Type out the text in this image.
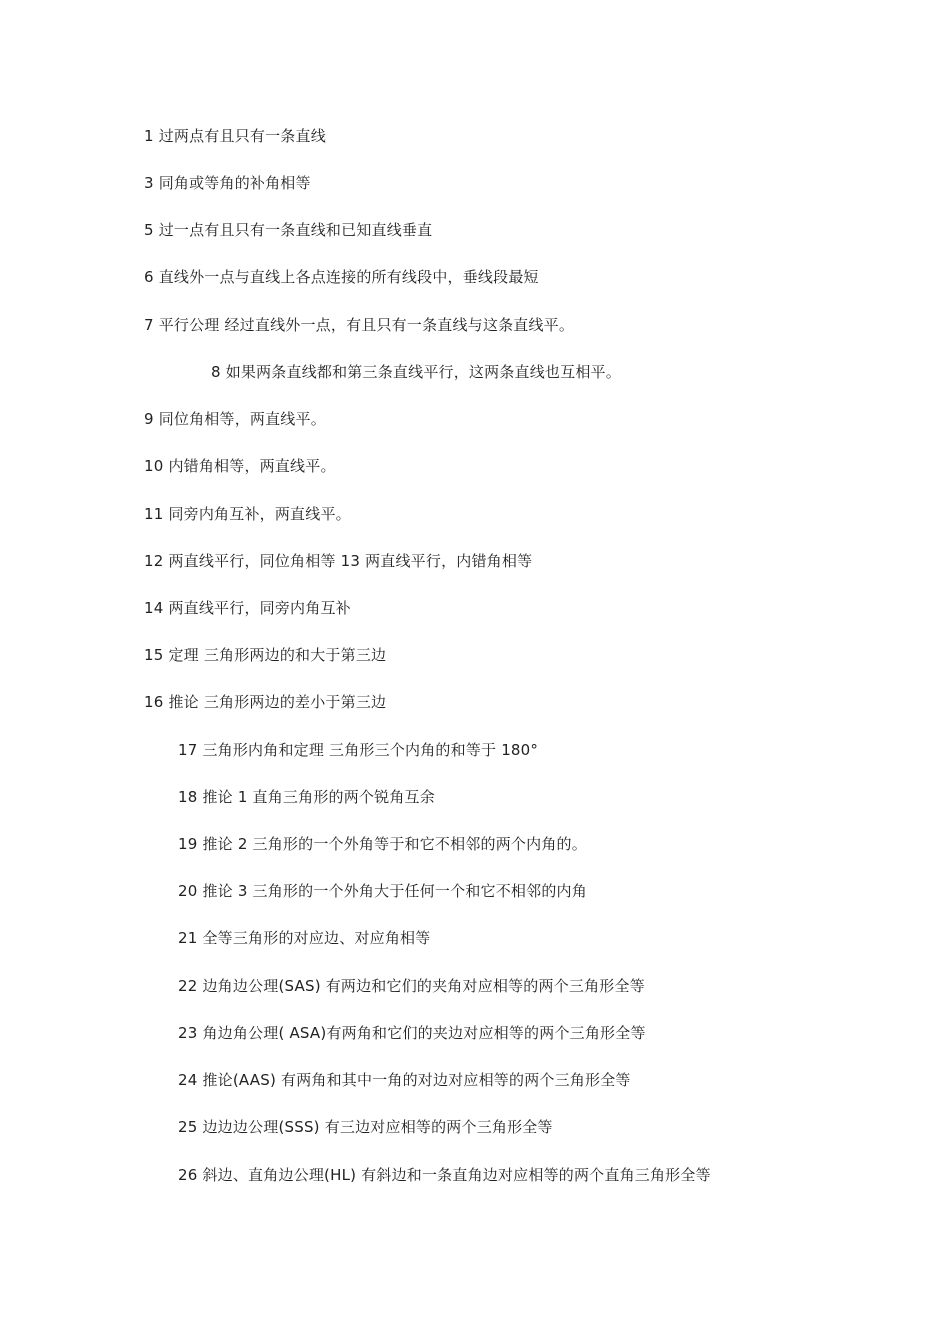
1 过两点有且只有一条直线
3 同角或等角的补角相等
5 过一点有且只有一条直线和已知直线垂直
6 直线外一点与直线上各点连接的所有线段中，垂线段最短
7 平行公理 经过直线外一点，有且只有一条直线与这条直线平。
8 如果两条直线都和第三条直线平行，这两条直线也互相平。
9 同位角相等，两直线平。
10 内错角相等，两直线平。
11 同旁内角互补，两直线平。
12 两直线平行，同位角相等 13 两直线平行，内错角相等
14 两直线平行，同旁内角互补
15 定理 三角形两边的和大于第三边
16 推论 三角形两边的差小于第三边
17 三角形内角和定理 三角形三个内角的和等于 180°
18 推论 1 直角三角形的两个锐角互余
19 推论 2 三角形的一个外角等于和它不相邻的两个内角的。
20 推论 3 三角形的一个外角大于任何一个和它不相邻的内角
21 全等三角形的对应边、对应角相等
22 边角边公理(SAS) 有两边和它们的夹角对应相等的两个三角形全等
23 角边角公理( ASA)有两角和它们的夹边对应相等的两个三角形全等
24 推论(AAS) 有两角和其中一角的对边对应相等的两个三角形全等
25 边边边公理(SSS) 有三边对应相等的两个三角形全等
26 斜边、直角边公理(HL) 有斜边和一条直角边对应相等的两个直角三角形全等
